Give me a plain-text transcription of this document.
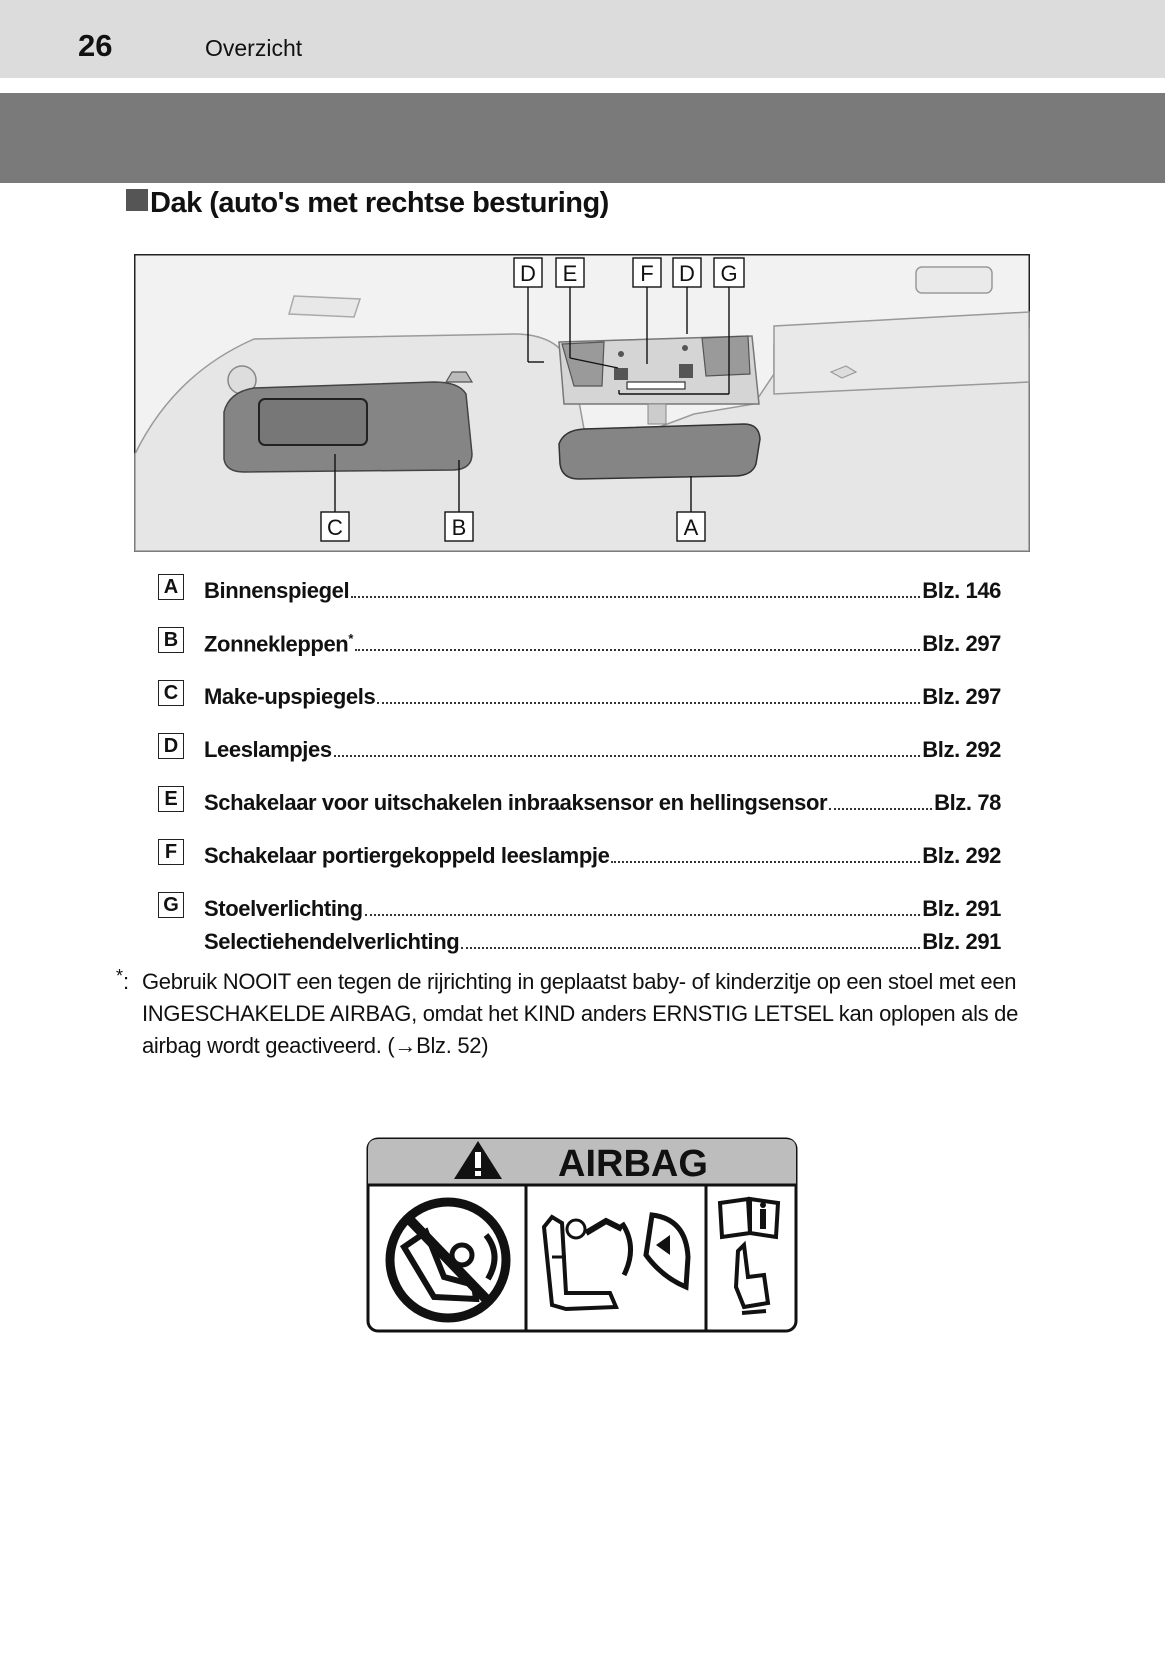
26	Overzicht
Dak (auto's met rechtse besturing)
D E	F D G
C	B	A
A Binnenspiegel	Blz. 146
B Zonnekleppen*	Blz. 297
C Make-upspiegels	Blz. 297
D Leeslampjes	Blz. 292
E Schakelaar voor uitschakelen inbraaksensor en hellingsensor	Blz. 78
F	Schakelaar portiergekoppeld leeslampje	Blz. 292
G Stoelverlichting	Blz. 291
Selectiehendelverlichting	Blz. 291
* : Gebruik NOOIT een tegen de rijrichting in geplaatst baby- of kinderzitje op een stoel met een INGESCHAKELDE AIRBAG, omdat het KIND anders ERNSTIG LETSEL kan oplopen als de airbag wordt geactiveerd. (→Blz. 52)
AIRBAG
